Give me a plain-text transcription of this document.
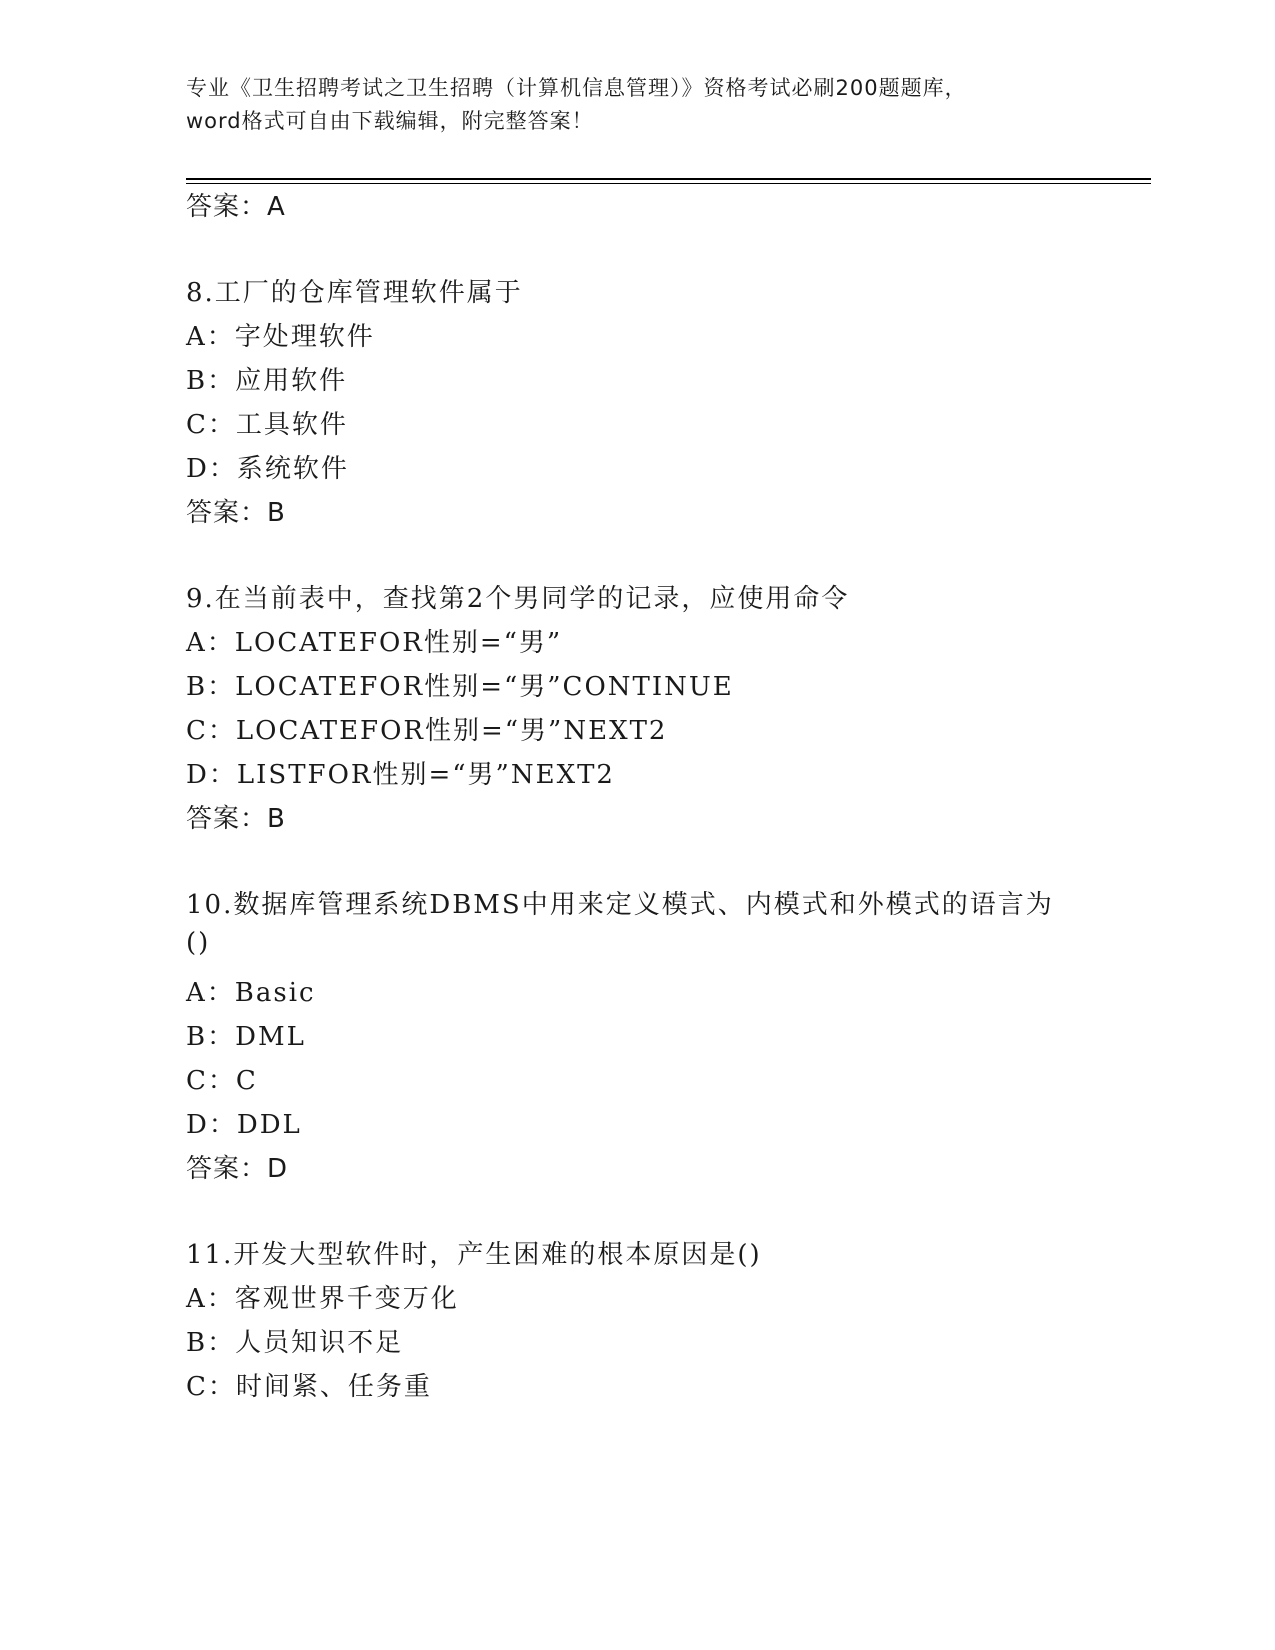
专业《卫生招聘考试之卫生招聘（计算机信息管理）》资格考试必刷200题题库，
word格式可自由下载编辑，附完整答案！
答案：A
8.工厂的仓库管理软件属于
A：字处理软件
B：应用软件
C：工具软件
D：系统软件
答案：B
9.在当前表中，查找第2个男同学的记录，应使用命令
A：LOCATEFOR性别=“男”
B：LOCATEFOR性别=“男”CONTINUE
C：LOCATEFOR性别=“男”NEXT2
D：LISTFOR性别=“男”NEXT2
答案：B
10.数据库管理系统DBMS中用来定义模式、内模式和外模式的语言为
()
A：Basic
B：DML
C：C
D：DDL
答案：D
11.开发大型软件时，产生困难的根本原因是()
A：客观世界千变万化
B：人员知识不足
C：时间紧、任务重
